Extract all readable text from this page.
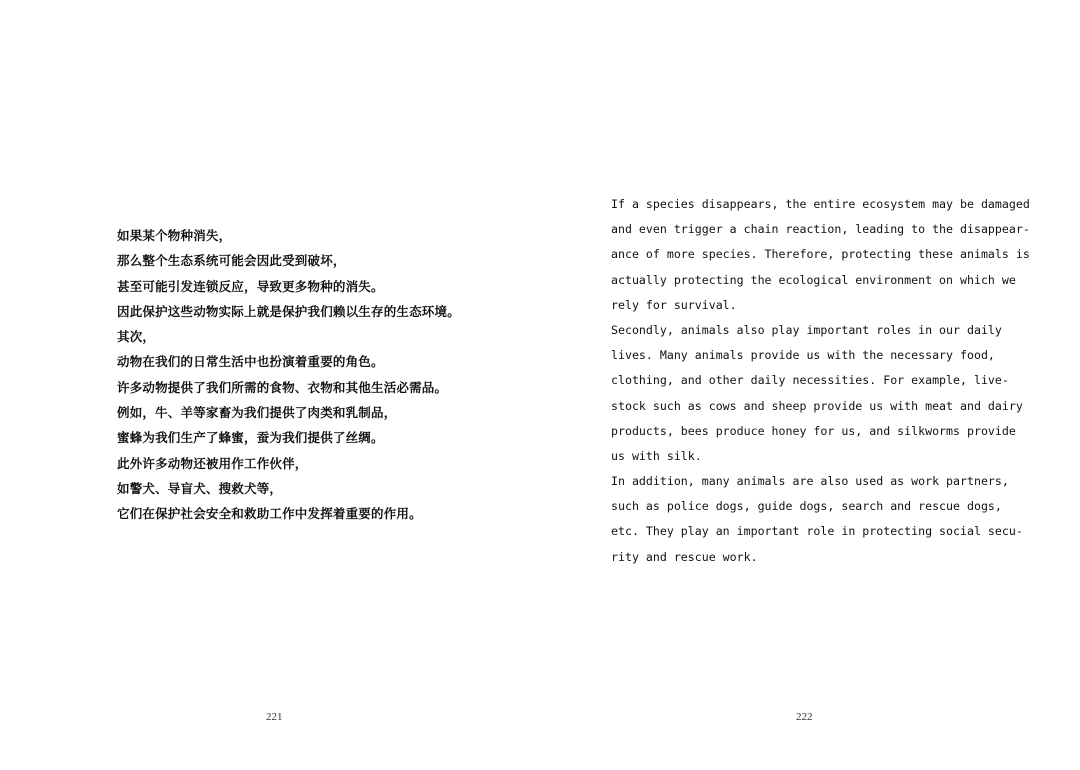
如果某个物种消失，
那么整个生态系统可能会因此受到破坏，
甚至可能引发连锁反应，导致更多物种的消失。
因此保护这些动物实际上就是保护我们赖以生存的生态环境。
其次，
动物在我们的日常生活中也扮演着重要的角色。
许多动物提供了我们所需的食物、衣物和其他生活必需品。
例如，牛、羊等家畜为我们提供了肉类和乳制品，
蜜蜂为我们生产了蜂蜜，蚕为我们提供了丝绸。
此外许多动物还被用作工作伙伴，
如警犬、导盲犬、搜救犬等，
它们在保护社会安全和救助工作中发挥着重要的作用。
221
If a species disappears, the entire ecosystem may be damaged
and even trigger a chain reaction, leading to the disappear-
ance of more species. Therefore, protecting these animals is
actually protecting the ecological environment on which we
rely for survival.
Secondly, animals also play important roles in our daily
lives. Many animals provide us with the necessary food,
clothing, and other daily necessities. For example, live-
stock such as cows and sheep provide us with meat and dairy
products, bees produce honey for us, and silkworms provide
us with silk.
In addition, many animals are also used as work partners,
such as police dogs, guide dogs, search and rescue dogs,
etc. They play an important role in protecting social secu-
rity and rescue work.
222
